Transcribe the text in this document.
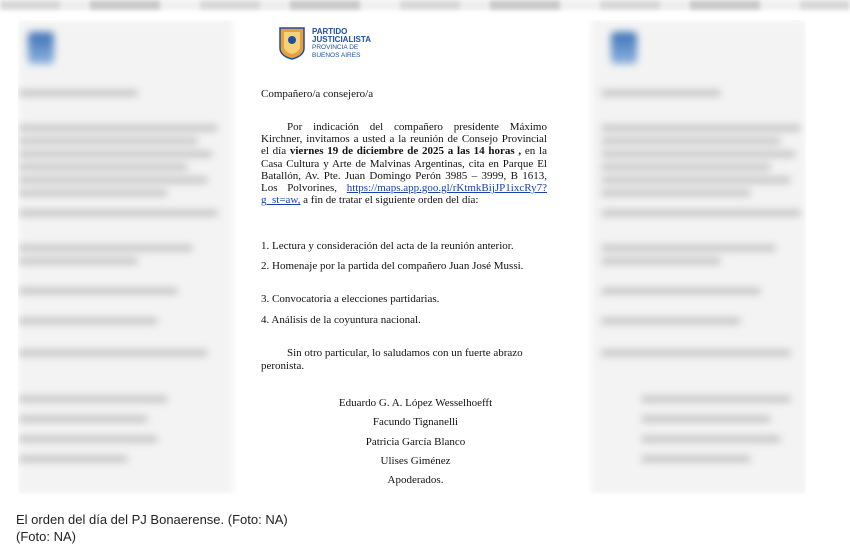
PARTIDO
JUSTICIALISTA
PROVINCIA DE
BUENOS AIRES
Compañero/a consejero/a
Por indicación del compañero presidente Máximo Kirchner, invitamos a usted a la reunión de Consejo Provincial el día viernes 19 de diciembre de 2025 a las 14 horas , en la Casa Cultura y Arte de Malvinas Argentinas, cita en Parque El Batallón, Av. Pte. Juan Domingo Perón 3985 – 3999, B 1613, Los Polvorines, https://maps.app.goo.gl/rKtmkBijJP1ixcRy7?g_st=aw, a fin de tratar el siguiente orden del día:
1. Lectura y consideración del acta de la reunión anterior.
2. Homenaje por la partida del compañero Juan José Mussi.
3. Convocatoria a elecciones partidarias.
4. Análisis de la coyuntura nacional.
Sin otro particular, lo saludamos con un fuerte abrazo peronista.
Eduardo G. A. López Wesselhoefft
Facundo Tignanelli
Patricia García Blanco
Ulises Giménez
Apoderados.
El orden del día del PJ Bonaerense. (Foto: NA)
(Foto: NA)
